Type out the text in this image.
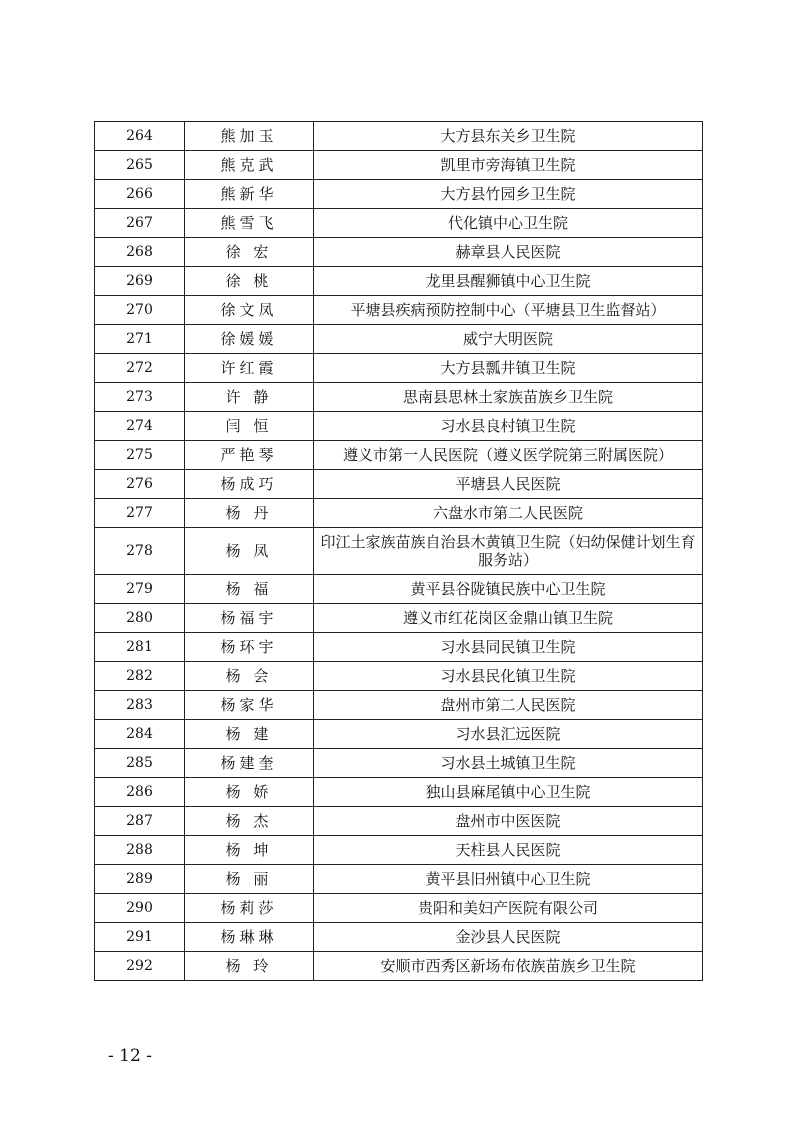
264	熊加玉	大方县东关乡卫生院
265	熊克武	凯里市旁海镇卫生院
266	熊新华	大方县竹园乡卫生院
267	熊雪飞	代化镇中心卫生院
268	徐 宏	赫章县人民医院
269	徐 桃	龙里县醒狮镇中心卫生院
270	徐文凤	平塘县疾病预防控制中心（平塘县卫生监督站）
271	徐媛媛	威宁大明医院
272	许红霞	大方县瓢井镇卫生院
273	许 静	思南县思林土家族苗族乡卫生院
274	闫 恒	习水县良村镇卫生院
275	严艳琴	遵义市第一人民医院（遵义医学院第三附属医院）
276	杨成巧	平塘县人民医院
277	杨 丹	六盘水市第二人民医院
278	杨 凤	印江土家族苗族自治县木黄镇卫生院（妇幼保健计划生育服务站）
279	杨 福	黄平县谷陇镇民族中心卫生院
280	杨福宇	遵义市红花岗区金鼎山镇卫生院
281	杨环宇	习水县同民镇卫生院
282	杨 会	习水县民化镇卫生院
283	杨家华	盘州市第二人民医院
284	杨 建	习水县汇远医院
285	杨建奎	习水县土城镇卫生院
286	杨 娇	独山县麻尾镇中心卫生院
287	杨 杰	盘州市中医医院
288	杨 坤	天柱县人民医院
289	杨 丽	黄平县旧州镇中心卫生院
290	杨莉莎	贵阳和美妇产医院有限公司
291	杨琳琳	金沙县人民医院
292	杨 玲	安顺市西秀区新场布依族苗族乡卫生院
- 12 -
